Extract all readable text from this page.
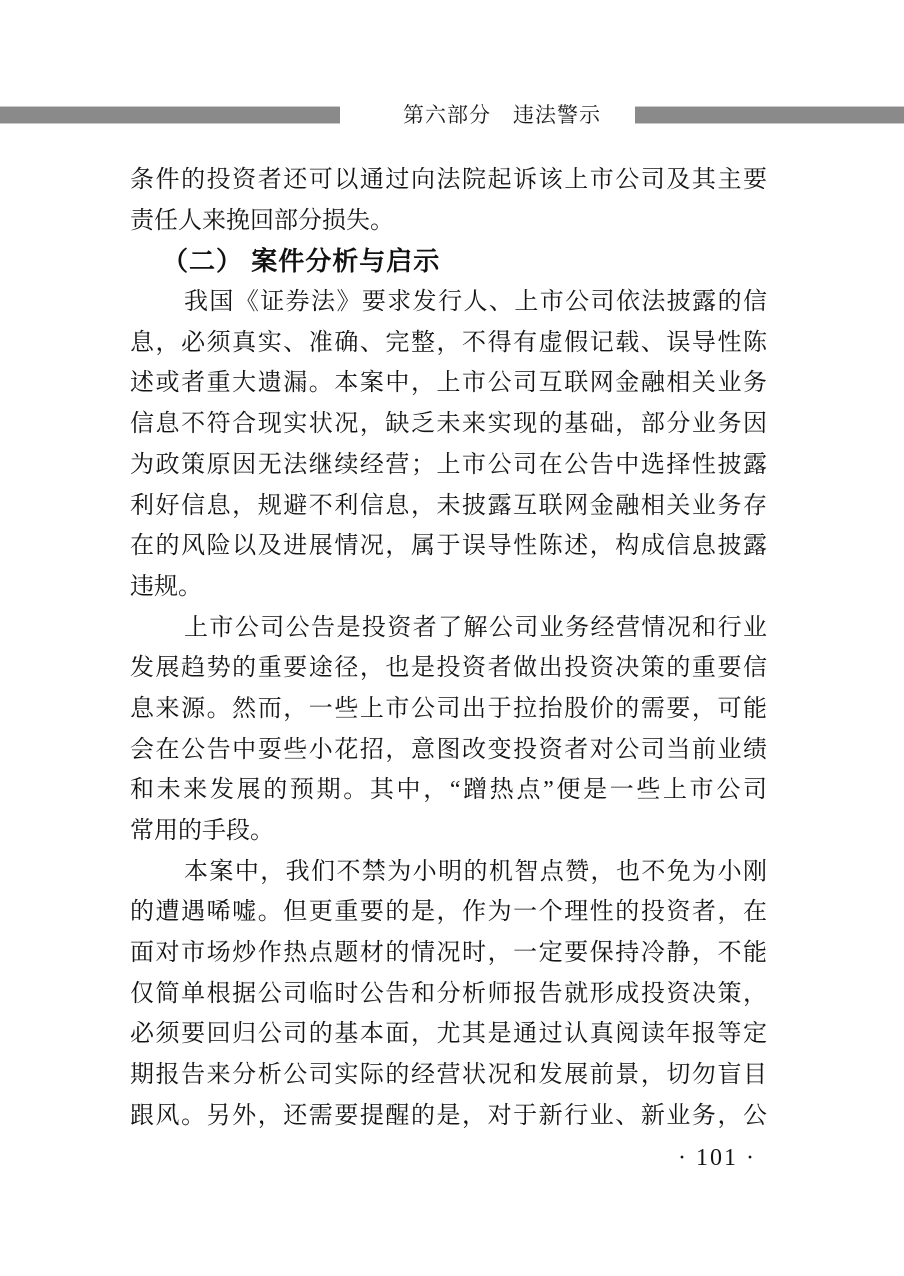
第六部分　违法警示
条件的投资者还可以通过向法院起诉该上市公司及其主要
责任人来挽回部分损失。
（二） 案件分析与启示
我国《证券法》要求发行人、上市公司依法披露的信
息，必须真实、准确、完整，不得有虚假记载、误导性陈
述或者重大遗漏。本案中，上市公司互联网金融相关业务
信息不符合现实状况，缺乏未来实现的基础，部分业务因
为政策原因无法继续经营；上市公司在公告中选择性披露
利好信息，规避不利信息，未披露互联网金融相关业务存
在的风险以及进展情况，属于误导性陈述，构成信息披露
违规。
上市公司公告是投资者了解公司业务经营情况和行业
发展趋势的重要途径，也是投资者做出投资决策的重要信
息来源。然而，一些上市公司出于拉抬股价的需要，可能
会在公告中耍些小花招，意图改变投资者对公司当前业绩
和未来发展的预期。其中，“蹭热点”便是一些上市公司
常用的手段。
本案中，我们不禁为小明的机智点赞，也不免为小刚
的遭遇唏嘘。但更重要的是，作为一个理性的投资者，在
面对市场炒作热点题材的情况时，一定要保持冷静，不能
仅简单根据公司临时公告和分析师报告就形成投资决策，
必须要回归公司的基本面，尤其是通过认真阅读年报等定
期报告来分析公司实际的经营状况和发展前景，切勿盲目
跟风。另外，还需要提醒的是，对于新行业、新业务，公
· 101 ·
